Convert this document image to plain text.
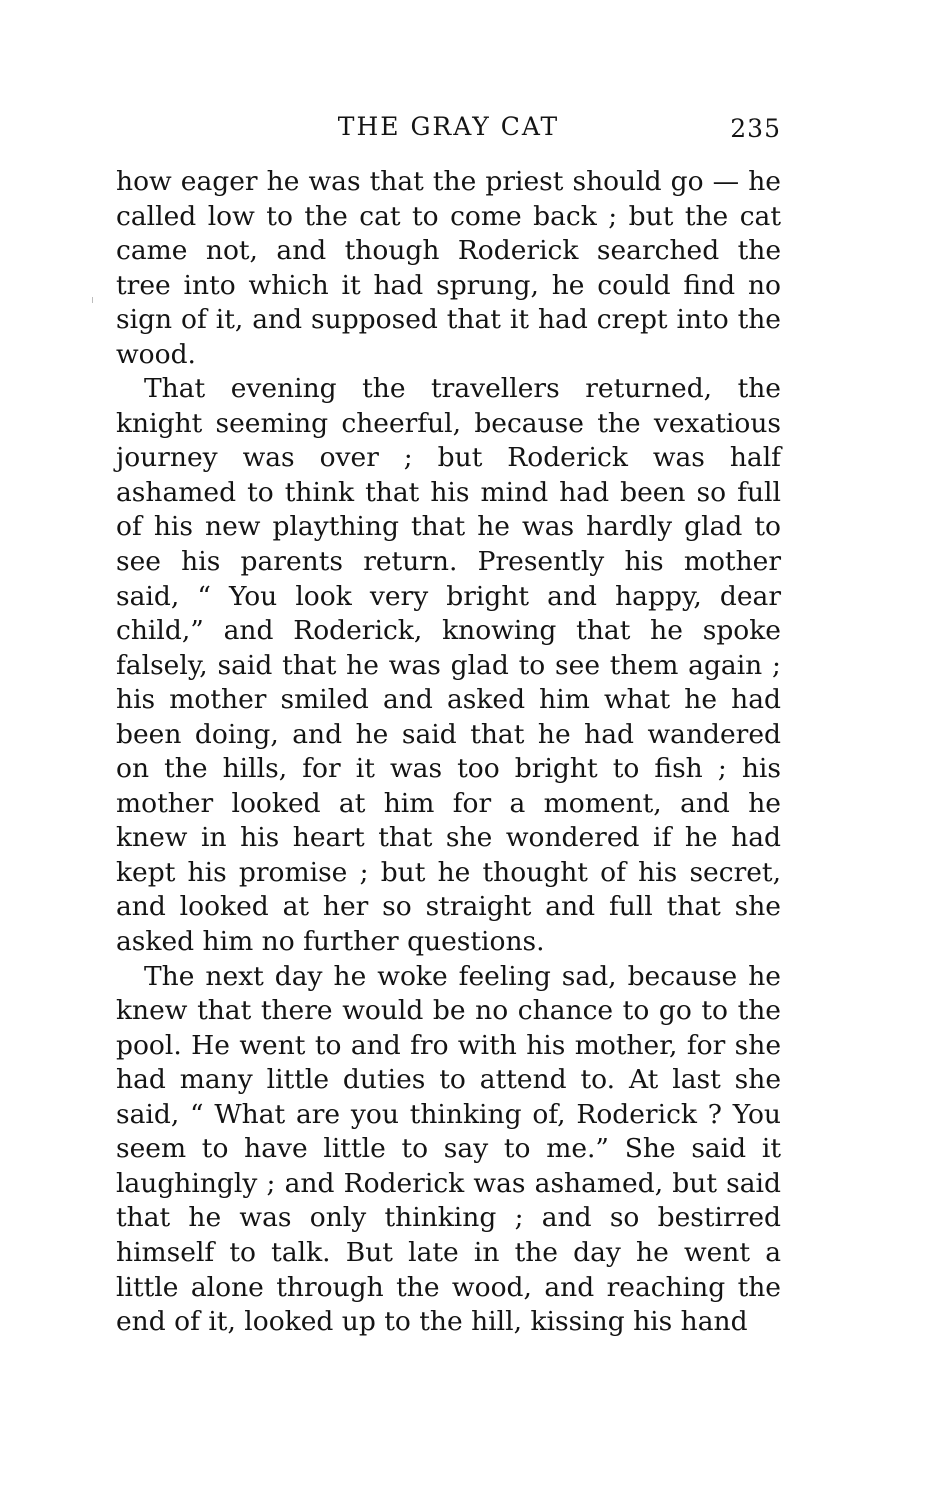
THE GRAY CAT	235

how eager he was that the priest should go — he called low to the cat to come back ; but the cat came not, and though Roderick searched the tree into which it had sprung, he could find no sign of it, and supposed that it had crept into the wood.

That evening the travellers returned, the knight seeming cheerful, because the vexatious journey was over ; but Roderick was half ashamed to think that his mind had been so full of his new plaything that he was hardly glad to see his parents return. Presently his mother said, “ You look very bright and happy, dear child,” and Roderick, knowing that he spoke falsely, said that he was glad to see them again ; his mother smiled and asked him what he had been doing, and he said that he had wandered on the hills, for it was too bright to fish ; his mother looked at him for a moment, and he knew in his heart that she wondered if he had kept his promise ; but he thought of his secret, and looked at her so straight and full that she asked him no further questions.

The next day he woke feeling sad, because he knew that there would be no chance to go to the pool. He went to and fro with his mother, for she had many little duties to attend to. At last she said, “ What are you thinking of, Roderick ? You seem to have little to say to me.” She said it laughingly ; and Roderick was ashamed, but said that he was only thinking ; and so bestirred himself to talk. But late in the day he went a little alone through the wood, and reaching the end of it, looked up to the hill, kissing his hand
